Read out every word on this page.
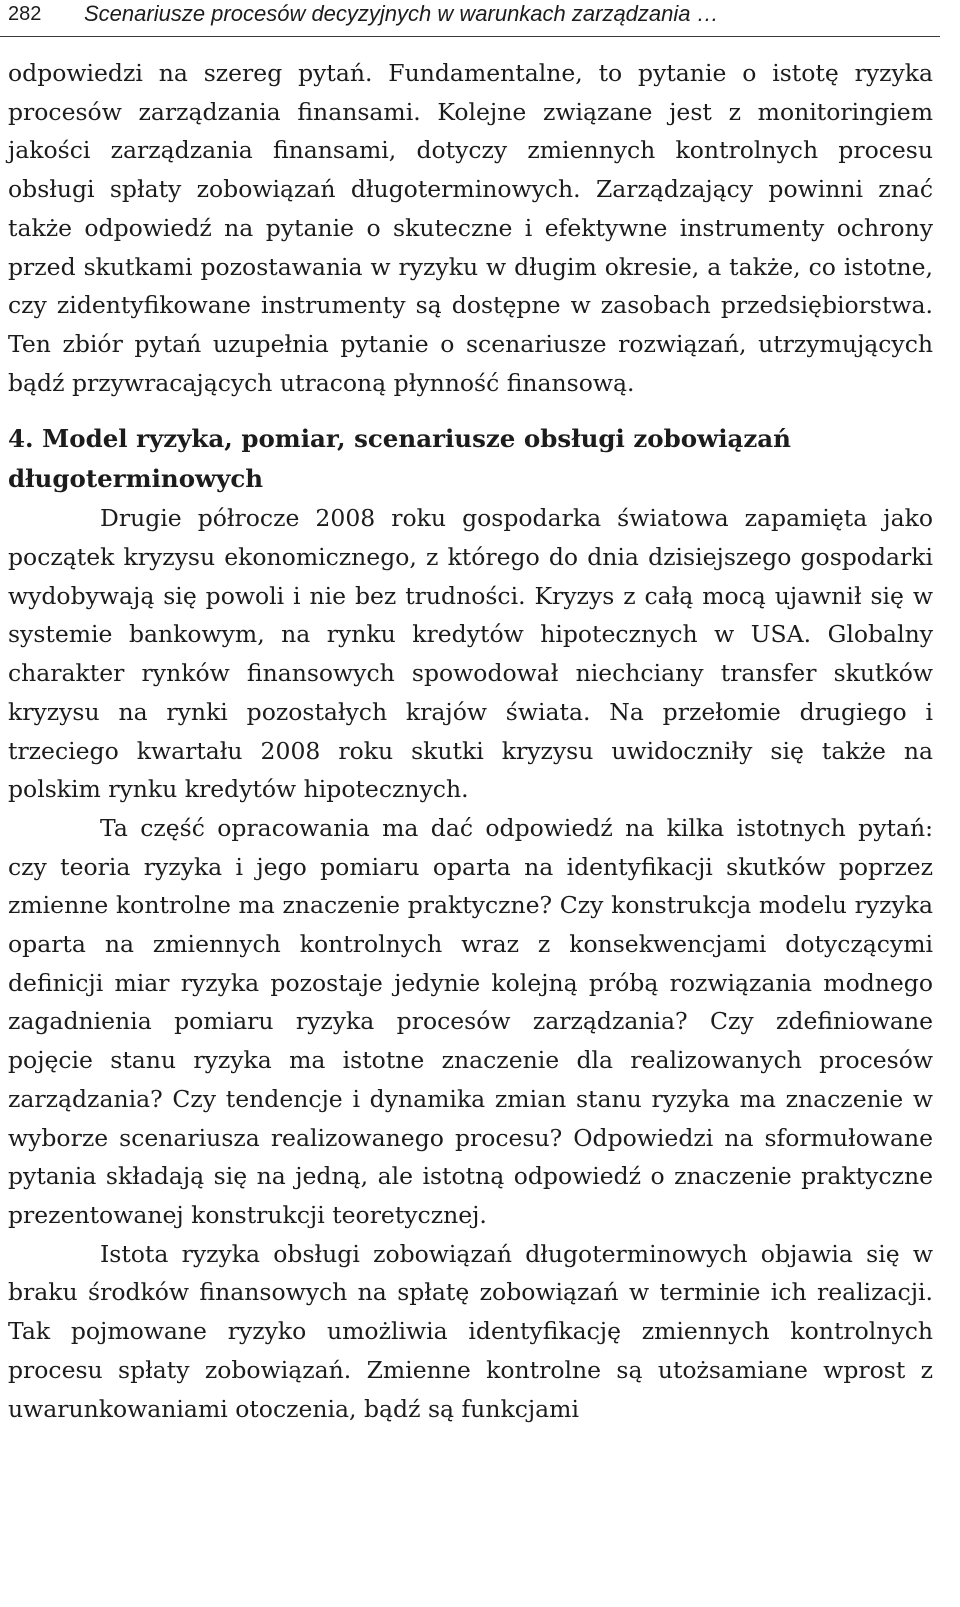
282 Scenariusze procesów decyzyjnych w warunkach zarządzania …

odpowiedzi na szereg pytań. Fundamentalne, to pytanie o istotę ryzyka procesów zarządzania finansami. Kolejne związane jest z monitoringiem jakości zarządzania finansami, dotyczy zmiennych kontrolnych procesu obsługi spłaty zobowiązań długoterminowych. Zarządzający powinni znać także odpowiedź na pytanie o skuteczne i efektywne instrumenty ochrony przed skutkami pozostawania w ryzyku w długim okresie, a także, co istotne, czy zidentyfikowane instrumenty są dostępne w zasobach przedsiębiorstwa. Ten zbiór pytań uzupełnia pytanie o scenariusze rozwiązań, utrzymujących bądź przywracających utraconą płynność finansową.

4. Model ryzyka, pomiar, scenariusze obsługi zobowiązań długoterminowych

Drugie półrocze 2008 roku gospodarka światowa zapamięta jako początek kryzysu ekonomicznego, z którego do dnia dzisiejszego gospodarki wydobywają się powoli i nie bez trudności. Kryzys z całą mocą ujawnił się w systemie bankowym, na rynku kredytów hipotecznych w USA. Globalny charakter rynków finansowych spowodował niechciany transfer skutków kryzysu na rynki pozostałych krajów świata. Na przełomie drugiego i trzeciego kwartału 2008 roku skutki kryzysu uwidoczniły się także na polskim rynku kredytów hipotecznych.

Ta część opracowania ma dać odpowiedź na kilka istotnych pytań: czy teoria ryzyka i jego pomiaru oparta na identyfikacji skutków poprzez zmienne kontrolne ma znaczenie praktyczne? Czy konstrukcja modelu ryzyka oparta na zmiennych kontrolnych wraz z konsekwencjami dotyczącymi definicji miar ryzyka pozostaje jedynie kolejną próbą rozwiązania modnego zagadnienia pomiaru ryzyka procesów zarządzania? Czy zdefiniowane pojęcie stanu ryzyka ma istotne znaczenie dla realizowanych procesów zarządzania? Czy tendencje i dynamika zmian stanu ryzyka ma znaczenie w wyborze scenariusza realizowanego procesu? Odpowiedzi na sformułowane pytania składają się na jedną, ale istotną odpowiedź o znaczenie praktyczne prezentowanej konstrukcji teoretycznej.

Istota ryzyka obsługi zobowiązań długoterminowych objawia się w braku środków finansowych na spłatę zobowiązań w terminie ich realizacji. Tak pojmowane ryzyko umożliwia identyfikację zmiennych kontrolnych procesu spłaty zobowiązań. Zmienne kontrolne są utożsamiane wprost z uwarunkowaniami otoczenia, bądź są funkcjami
